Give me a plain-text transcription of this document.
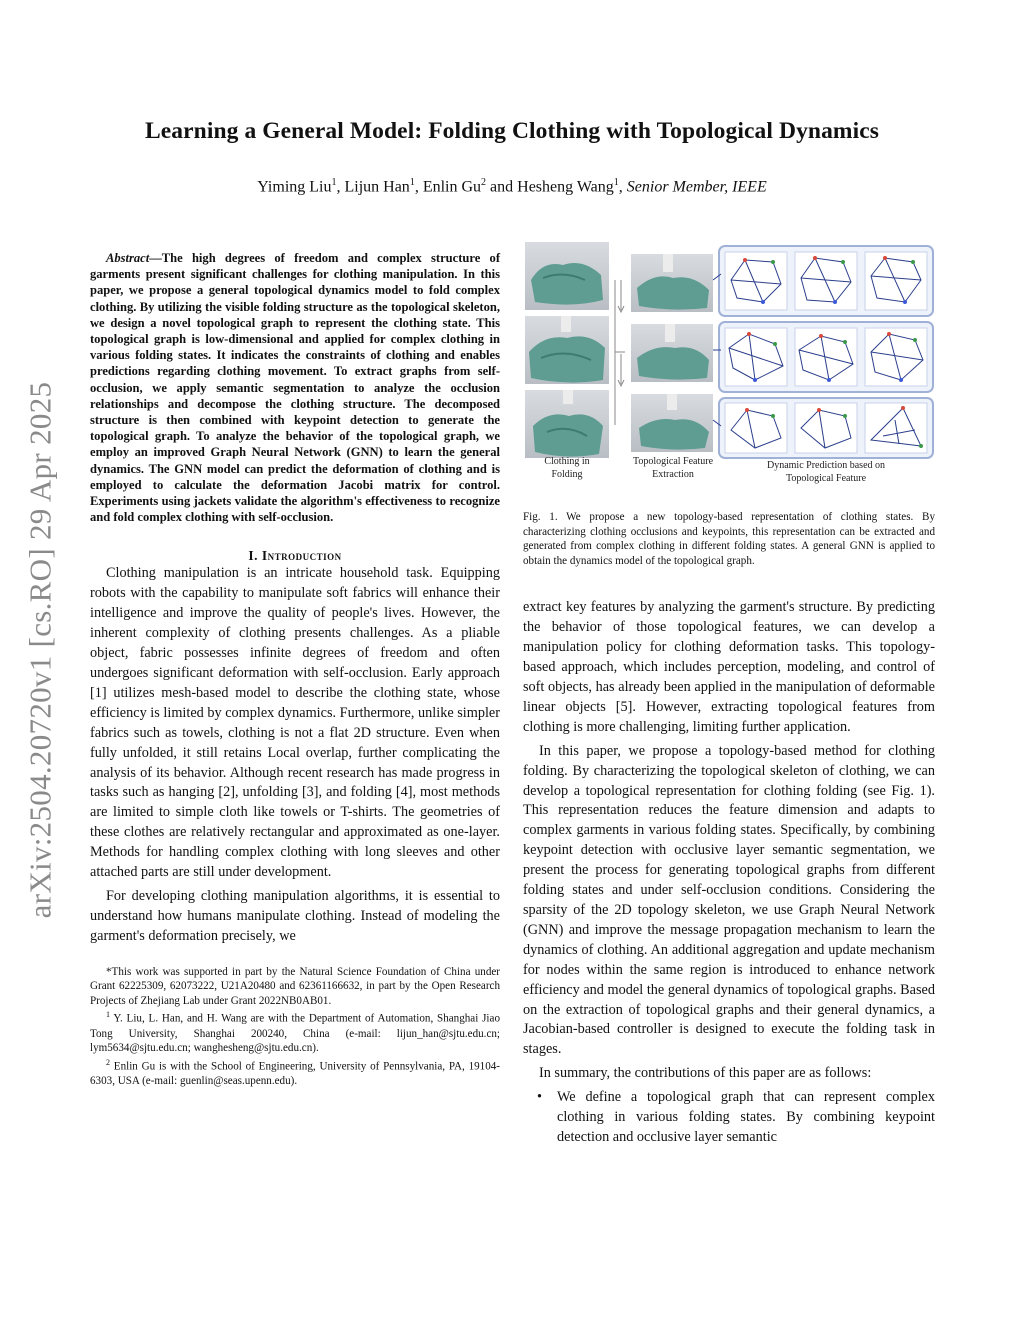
arXiv:2504.20720v1 [cs.RO] 29 Apr 2025
Learning a General Model: Folding Clothing with Topological Dynamics
Yiming Liu$^1$, Lijun Han$^1$, Enlin Gu$^2$ and Hesheng Wang$^1$, Senior Member, IEEE

Abstract—The high degrees of freedom and complex structure of garments present significant challenges for clothing manipulation. In this paper, we propose a general topological dynamics model to fold complex clothing. By utilizing the visible folding structure as the topological skeleton, we design a novel topological graph to represent the clothing state. This topological graph is low-dimensional and applied for complex clothing in various folding states. It indicates the constraints of clothing and enables predictions regarding clothing movement. To extract graphs from self-occlusion, we apply semantic segmentation to analyze the occlusion relationships and decompose the clothing structure. The decomposed structure is then combined with keypoint detection to generate the topological graph. To analyze the behavior of the topological graph, we employ an improved Graph Neural Network (GNN) to learn the general dynamics. The GNN model can predict the deformation of clothing and is employed to calculate the deformation Jacobi matrix for control. Experiments using jackets validate the algorithm's effectiveness to recognize and fold complex clothing with self-occlusion.

I. Introduction

Clothing manipulation is an intricate household task. Equipping robots with the capability to manipulate soft fabrics will enhance their intelligence and improve the quality of people's lives. However, the inherent complexity of clothing presents challenges. As a pliable object, fabric possesses infinite degrees of freedom and often undergoes significant deformation with self-occlusion. Early approach [1] utilizes mesh-based model to describe the clothing state, whose efficiency is limited by complex dynamics. Furthermore, unlike simpler fabrics such as towels, clothing is not a flat 2D structure. Even when fully unfolded, it still retains Local overlap, further complicating the analysis of its behavior. Although recent research has made progress in tasks such as hanging [2], unfolding [3], and folding [4], most methods are limited to simple cloth like towels or T-shirts. The geometries of these clothes are relatively rectangular and approximated as one-layer. Methods for handling complex clothing with long sleeves and other attached parts are still under development.

For developing clothing manipulation algorithms, it is essential to understand how humans manipulate clothing. Instead of modeling the garment's deformation precisely, we

*This work was supported in part by the Natural Science Foundation of China under Grant 62225309, 62073222, U21A20480 and 62361166632, in part by the Open Research Projects of Zhejiang Lab under Grant 2022NB0AB01.

$^1$ Y. Liu, L. Han, and H. Wang are with the Department of Automation, Shanghai Jiao Tong University, Shanghai 200240, China (e-mail: lijun_han@sjtu.edu.cn; lym5634@sjtu.edu.cn; wanghesheng@sjtu.edu.cn).

$^2$ Enlin Gu is with the School of Engineering, University of Pennsylvania, PA, 19104-6303, USA (e-mail: guenlin@seas.upenn.edu).

Clothing in
Folding
Topological Feature
Extraction
Dynamic Prediction based on
Topological Feature

Fig. 1. We propose a new topology-based representation of clothing states. By characterizing clothing occlusions and keypoints, this representation can be extracted and generated from complex clothing in different folding states. A general GNN is applied to obtain the dynamics model of the topological graph.

extract key features by analyzing the garment's structure. By predicting the behavior of those topological features, we can develop a manipulation policy for clothing deformation tasks. This topology-based approach, which includes perception, modeling, and control of soft objects, has already been applied in the manipulation of deformable linear objects [5]. However, extracting topological features from clothing is more challenging, limiting further application.

In this paper, we propose a topology-based method for clothing folding. By characterizing the topological skeleton of clothing, we can develop a topological representation for clothing folding (see Fig. 1). This representation reduces the feature dimension and adapts to complex garments in various folding states. Specifically, by combining keypoint detection with occlusive layer semantic segmentation, we present the process for generating topological graphs from different folding states and under self-occlusion conditions. Considering the sparsity of the 2D topology skeleton, we use Graph Neural Network (GNN) and improve the message propagation mechanism to learn the dynamics of clothing. An additional aggregation and update mechanism for nodes within the same region is introduced to enhance network efficiency and model the general dynamics of topological graphs. Based on the extraction of topological graphs and their general dynamics, a Jacobian-based controller is designed to execute the folding task in stages.

In summary, the contributions of this paper are as follows:

• We define a topological graph that can represent complex clothing in various folding states. By combining keypoint detection and occlusive layer semantic
